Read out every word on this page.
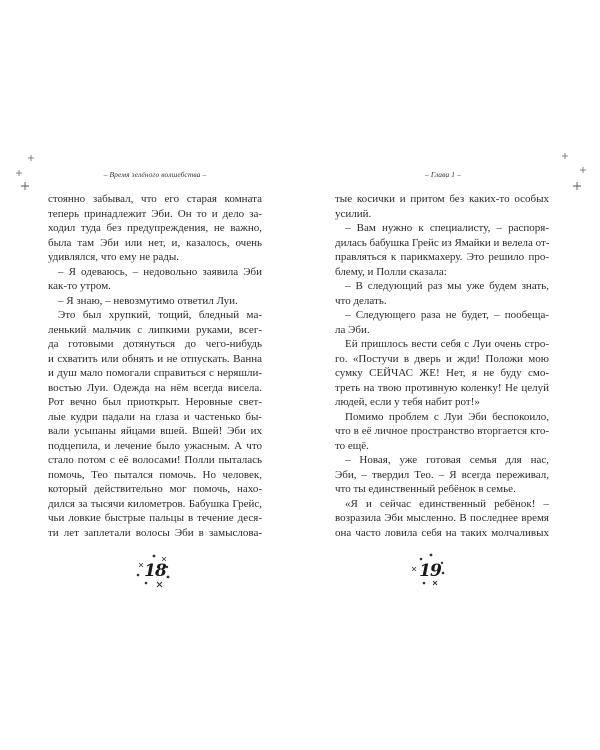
– Время зелёного волшебства –
стоянно забывал, что его старая комната
теперь принадлежит Эби. Он то и дело за-
ходил туда без предупреждения, не важно,
была там Эби или нет, и, казалось, очень
удивлялся, что ему не рады.
– Я одеваюсь, – недовольно заявила Эби
как-то утром.
– Я знаю, – невозмутимо ответил Луи.
Это был хрупкий, тощий, бледный ма-
ленький мальчик с липкими руками, всег-
да готовыми дотянуться до чего-нибудь
и схватить или обнять и не отпускать. Ванна
и душ мало помогали справиться с неряшли-
востью Луи. Одежда на нём всегда висела.
Рот вечно был приоткрыт. Неровные свет-
лые кудри падали на глаза и частенько бы-
вали усыпаны яйцами вшей. Вшей! Эби их
подцепила, и лечение было ужасным. А что
стало потом с её волосами! Полли пыталась
помочь, Тео пытался помочь. Но человек,
который действительно мог помочь, нахо-
дился за тысячи километров. Бабушка Грейс,
чьи ловкие быстрые пальцы в течение деся-
ти лет заплетали волосы Эби в замыслова-
18
– Глава 1 –
тые косички и притом без каких-то особых
усилий.
– Вам нужно к специалисту, – распоря-
дилась бабушка Грейс из Ямайки и велела от-
правляться к парикмахеру. Это решило про-
блему, и Полли сказала:
– В следующий раз мы уже будем знать,
что делать.
– Следующего раза не будет, – пообеща-
ла Эби.
Ей пришлось вести себя с Луи очень стро-
го. «Постучи в дверь и жди! Положи мою
сумку СЕЙЧАС ЖЕ! Нет, я не буду смо-
треть на твою противную коленку! Не целуй
людей, если у тебя набит рот!»
Помимо проблем с Луи Эби беспокоило,
что в её личное пространство вторгается кто-
то ещё.
– Новая, уже готовая семья для нас,
Эби, – твердил Тео. – Я всегда переживал,
что ты единственный ребёнок в семье.
«Я и сейчас единственный ребёнок! –
возразила Эби мысленно. В последнее время
она часто ловила себя на таких молчаливых
19
